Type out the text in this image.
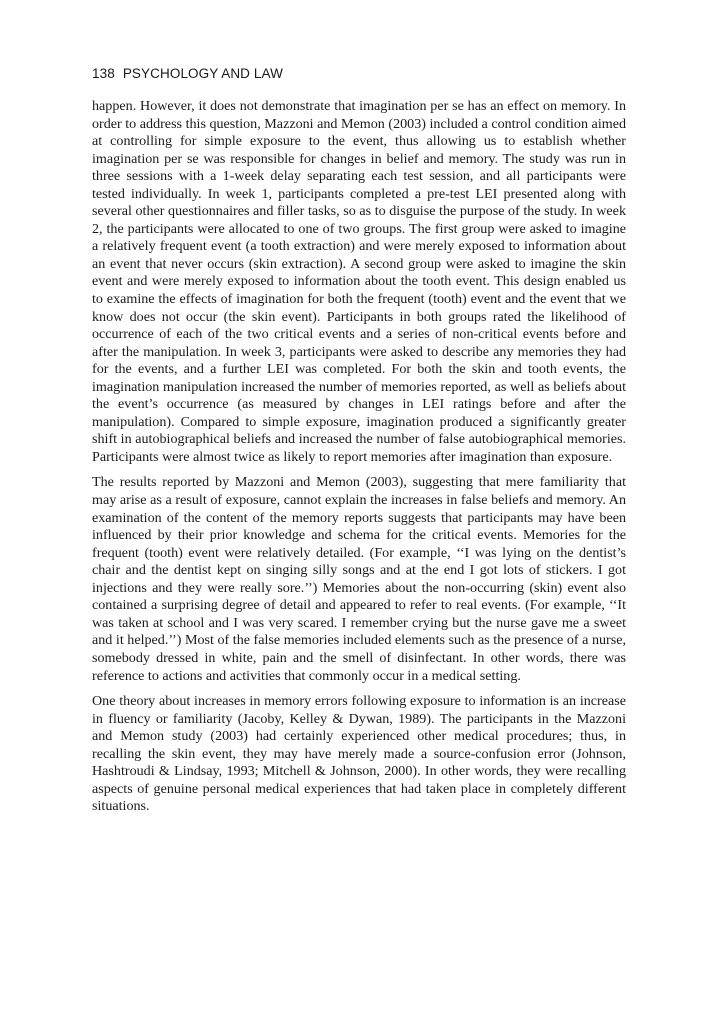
138 PSYCHOLOGY AND LAW

happen. However, it does not demonstrate that imagination per se has an effect on memory. In order to address this question, Mazzoni and Memon (2003) included a control condition aimed at controlling for simple exposure to the event, thus allowing us to establish whether imagination per se was responsible for changes in belief and memory. The study was run in three sessions with a 1-week delay separating each test session, and all participants were tested individually. In week 1, participants completed a pre-test LEI presented along with several other questionnaires and filler tasks, so as to disguise the purpose of the study. In week 2, the participants were allocated to one of two groups. The first group were asked to imagine a relatively frequent event (a tooth extraction) and were merely exposed to information about an event that never occurs (skin extraction). A second group were asked to imagine the skin event and were merely exposed to information about the tooth event. This design enabled us to examine the effects of imagination for both the frequent (tooth) event and the event that we know does not occur (the skin event). Participants in both groups rated the likelihood of occurrence of each of the two critical events and a series of non-critical events before and after the manipulation. In week 3, participants were asked to describe any memories they had for the events, and a further LEI was completed. For both the skin and tooth events, the imagination manipulation increased the number of memories reported, as well as beliefs about the event’s occurrence (as measured by changes in LEI ratings before and after the manipulation). Compared to simple exposure, imagination produced a significantly greater shift in autobiographical beliefs and increased the number of false autobiographical memories. Participants were almost twice as likely to report memories after imagination than exposure.

The results reported by Mazzoni and Memon (2003), suggesting that mere familiarity that may arise as a result of exposure, cannot explain the increases in false beliefs and memory. An examination of the content of the memory reports suggests that participants may have been influenced by their prior knowledge and schema for the critical events. Memories for the frequent (tooth) event were relatively detailed. (For example, ‘‘I was lying on the dentist’s chair and the dentist kept on singing silly songs and at the end I got lots of stickers. I got injections and they were really sore.’’) Memories about the non-occurring (skin) event also contained a surprising degree of detail and appeared to refer to real events. (For example, ‘‘It was taken at school and I was very scared. I remember crying but the nurse gave me a sweet and it helped.’’) Most of the false memories included elements such as the presence of a nurse, somebody dressed in white, pain and the smell of disinfectant. In other words, there was reference to actions and activities that commonly occur in a medical setting.

One theory about increases in memory errors following exposure to information is an increase in fluency or familiarity (Jacoby, Kelley & Dywan, 1989). The participants in the Mazzoni and Memon study (2003) had certainly experienced other medical procedures; thus, in recalling the skin event, they may have merely made a source-confusion error (Johnson, Hashtroudi & Lindsay, 1993; Mitchell & Johnson, 2000). In other words, they were recalling aspects of genuine personal medical experiences that had taken place in completely different situations.
